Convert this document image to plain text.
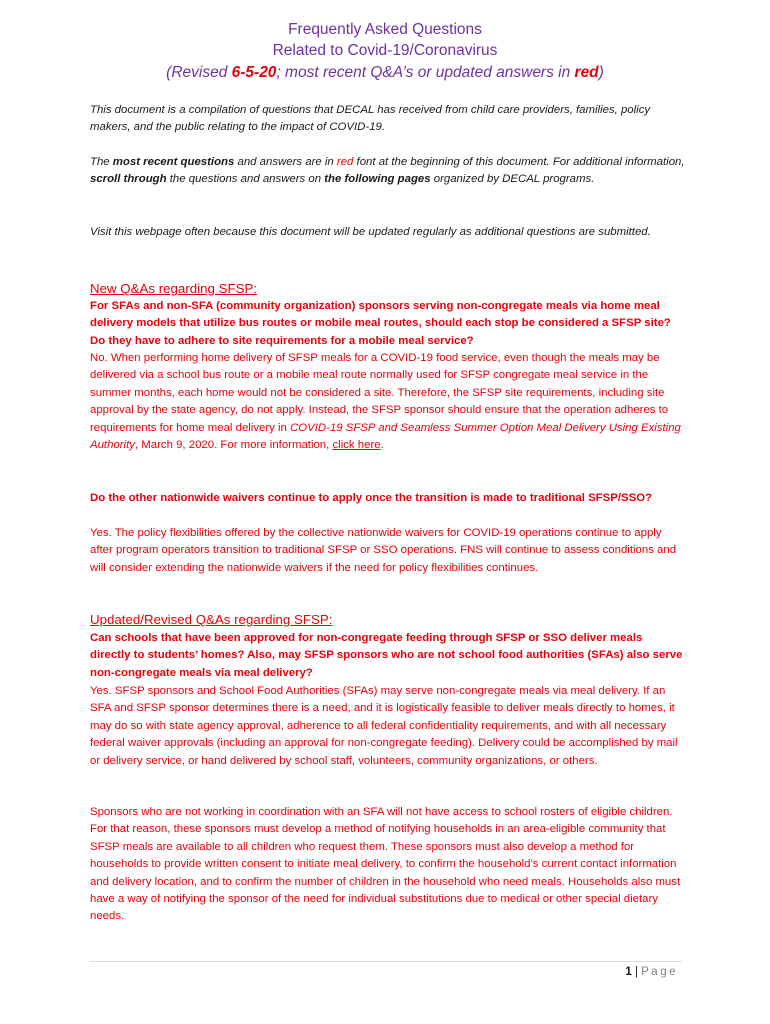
Frequently Asked Questions
Related to Covid-19/Coronavirus
(Revised 6-5-20; most recent Q&A’s or updated answers in red)
This document is a compilation of questions that DECAL has received from child care providers, families, policy makers, and the public relating to the impact of COVID-19.
The most recent questions and answers are in red font at the beginning of this document. For additional information, scroll through the questions and answers on the following pages organized by DECAL programs.
Visit this webpage often because this document will be updated regularly as additional questions are submitted.
New Q&As regarding SFSP:
For SFAs and non-SFA (community organization) sponsors serving non-congregate meals via home meal delivery models that utilize bus routes or mobile meal routes, should each stop be considered a SFSP site? Do they have to adhere to site requirements for a mobile meal service?
No. When performing home delivery of SFSP meals for a COVID-19 food service, even though the meals may be delivered via a school bus route or a mobile meal route normally used for SFSP congregate meal service in the summer months, each home would not be considered a site. Therefore, the SFSP site requirements, including site approval by the state agency, do not apply. Instead, the SFSP sponsor should ensure that the operation adheres to requirements for home meal delivery in COVID-19 SFSP and Seamless Summer Option Meal Delivery Using Existing Authority, March 9, 2020. For more information, click here.
Do the other nationwide waivers continue to apply once the transition is made to traditional SFSP/SSO?
Yes. The policy flexibilities offered by the collective nationwide waivers for COVID-19 operations continue to apply after program operators transition to traditional SFSP or SSO operations. FNS will continue to assess conditions and will consider extending the nationwide waivers if the need for policy flexibilities continues.
Updated/Revised Q&As regarding SFSP:
Can schools that have been approved for non-congregate feeding through SFSP or SSO deliver meals directly to students’ homes? Also, may SFSP sponsors who are not school food authorities (SFAs) also serve non-congregate meals via meal delivery?
Yes. SFSP sponsors and School Food Authorities (SFAs) may serve non-congregate meals via meal delivery. If an SFA and SFSP sponsor determines there is a need, and it is logistically feasible to deliver meals directly to homes, it may do so with state agency approval, adherence to all federal confidentiality requirements, and with all necessary federal waiver approvals (including an approval for non-congregate feeding). Delivery could be accomplished by mail or delivery service, or hand delivered by school staff, volunteers, community organizations, or others.
Sponsors who are not working in coordination with an SFA will not have access to school rosters of eligible children. For that reason, these sponsors must develop a method of notifying households in an area-eligible community that SFSP meals are available to all children who request them. These sponsors must also develop a method for households to provide written consent to initiate meal delivery, to confirm the household’s current contact information and delivery location, and to confirm the number of children in the household who need meals. Households also must have a way of notifying the sponsor of the need for individual substitutions due to medical or other special dietary needs.
1 | Page
